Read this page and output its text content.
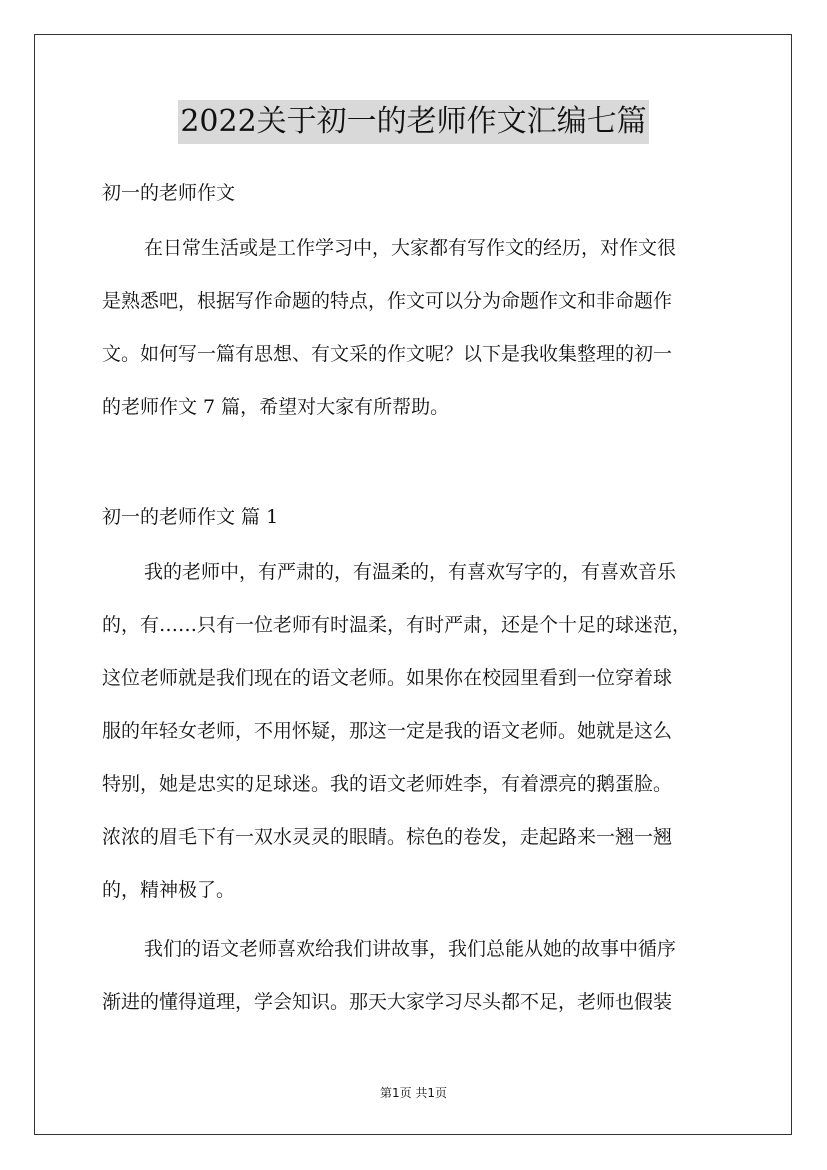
2022关于初一的老师作文汇编七篇
初一的老师作文
在日常生活或是工作学习中，大家都有写作文的经历，对作文很
是熟悉吧，根据写作命题的特点，作文可以分为命题作文和非命题作
文。如何写一篇有思想、有文采的作文呢？以下是我收集整理的初一
的老师作文 7 篇，希望对大家有所帮助。
初一的老师作文 篇 1
我的老师中，有严肃的，有温柔的，有喜欢写字的，有喜欢音乐
的，有……只有一位老师有时温柔，有时严肃，还是个十足的球迷范，
这位老师就是我们现在的语文老师。如果你在校园里看到一位穿着球
服的年轻女老师，不用怀疑，那这一定是我的语文老师。她就是这么
特别，她是忠实的足球迷。我的语文老师姓李，有着漂亮的鹅蛋脸。
浓浓的眉毛下有一双水灵灵的眼睛。棕色的卷发，走起路来一翘一翘
的，精神极了。
我们的语文老师喜欢给我们讲故事，我们总能从她的故事中循序
渐进的懂得道理，学会知识。那天大家学习尽头都不足，老师也假装
第1页 共1页
